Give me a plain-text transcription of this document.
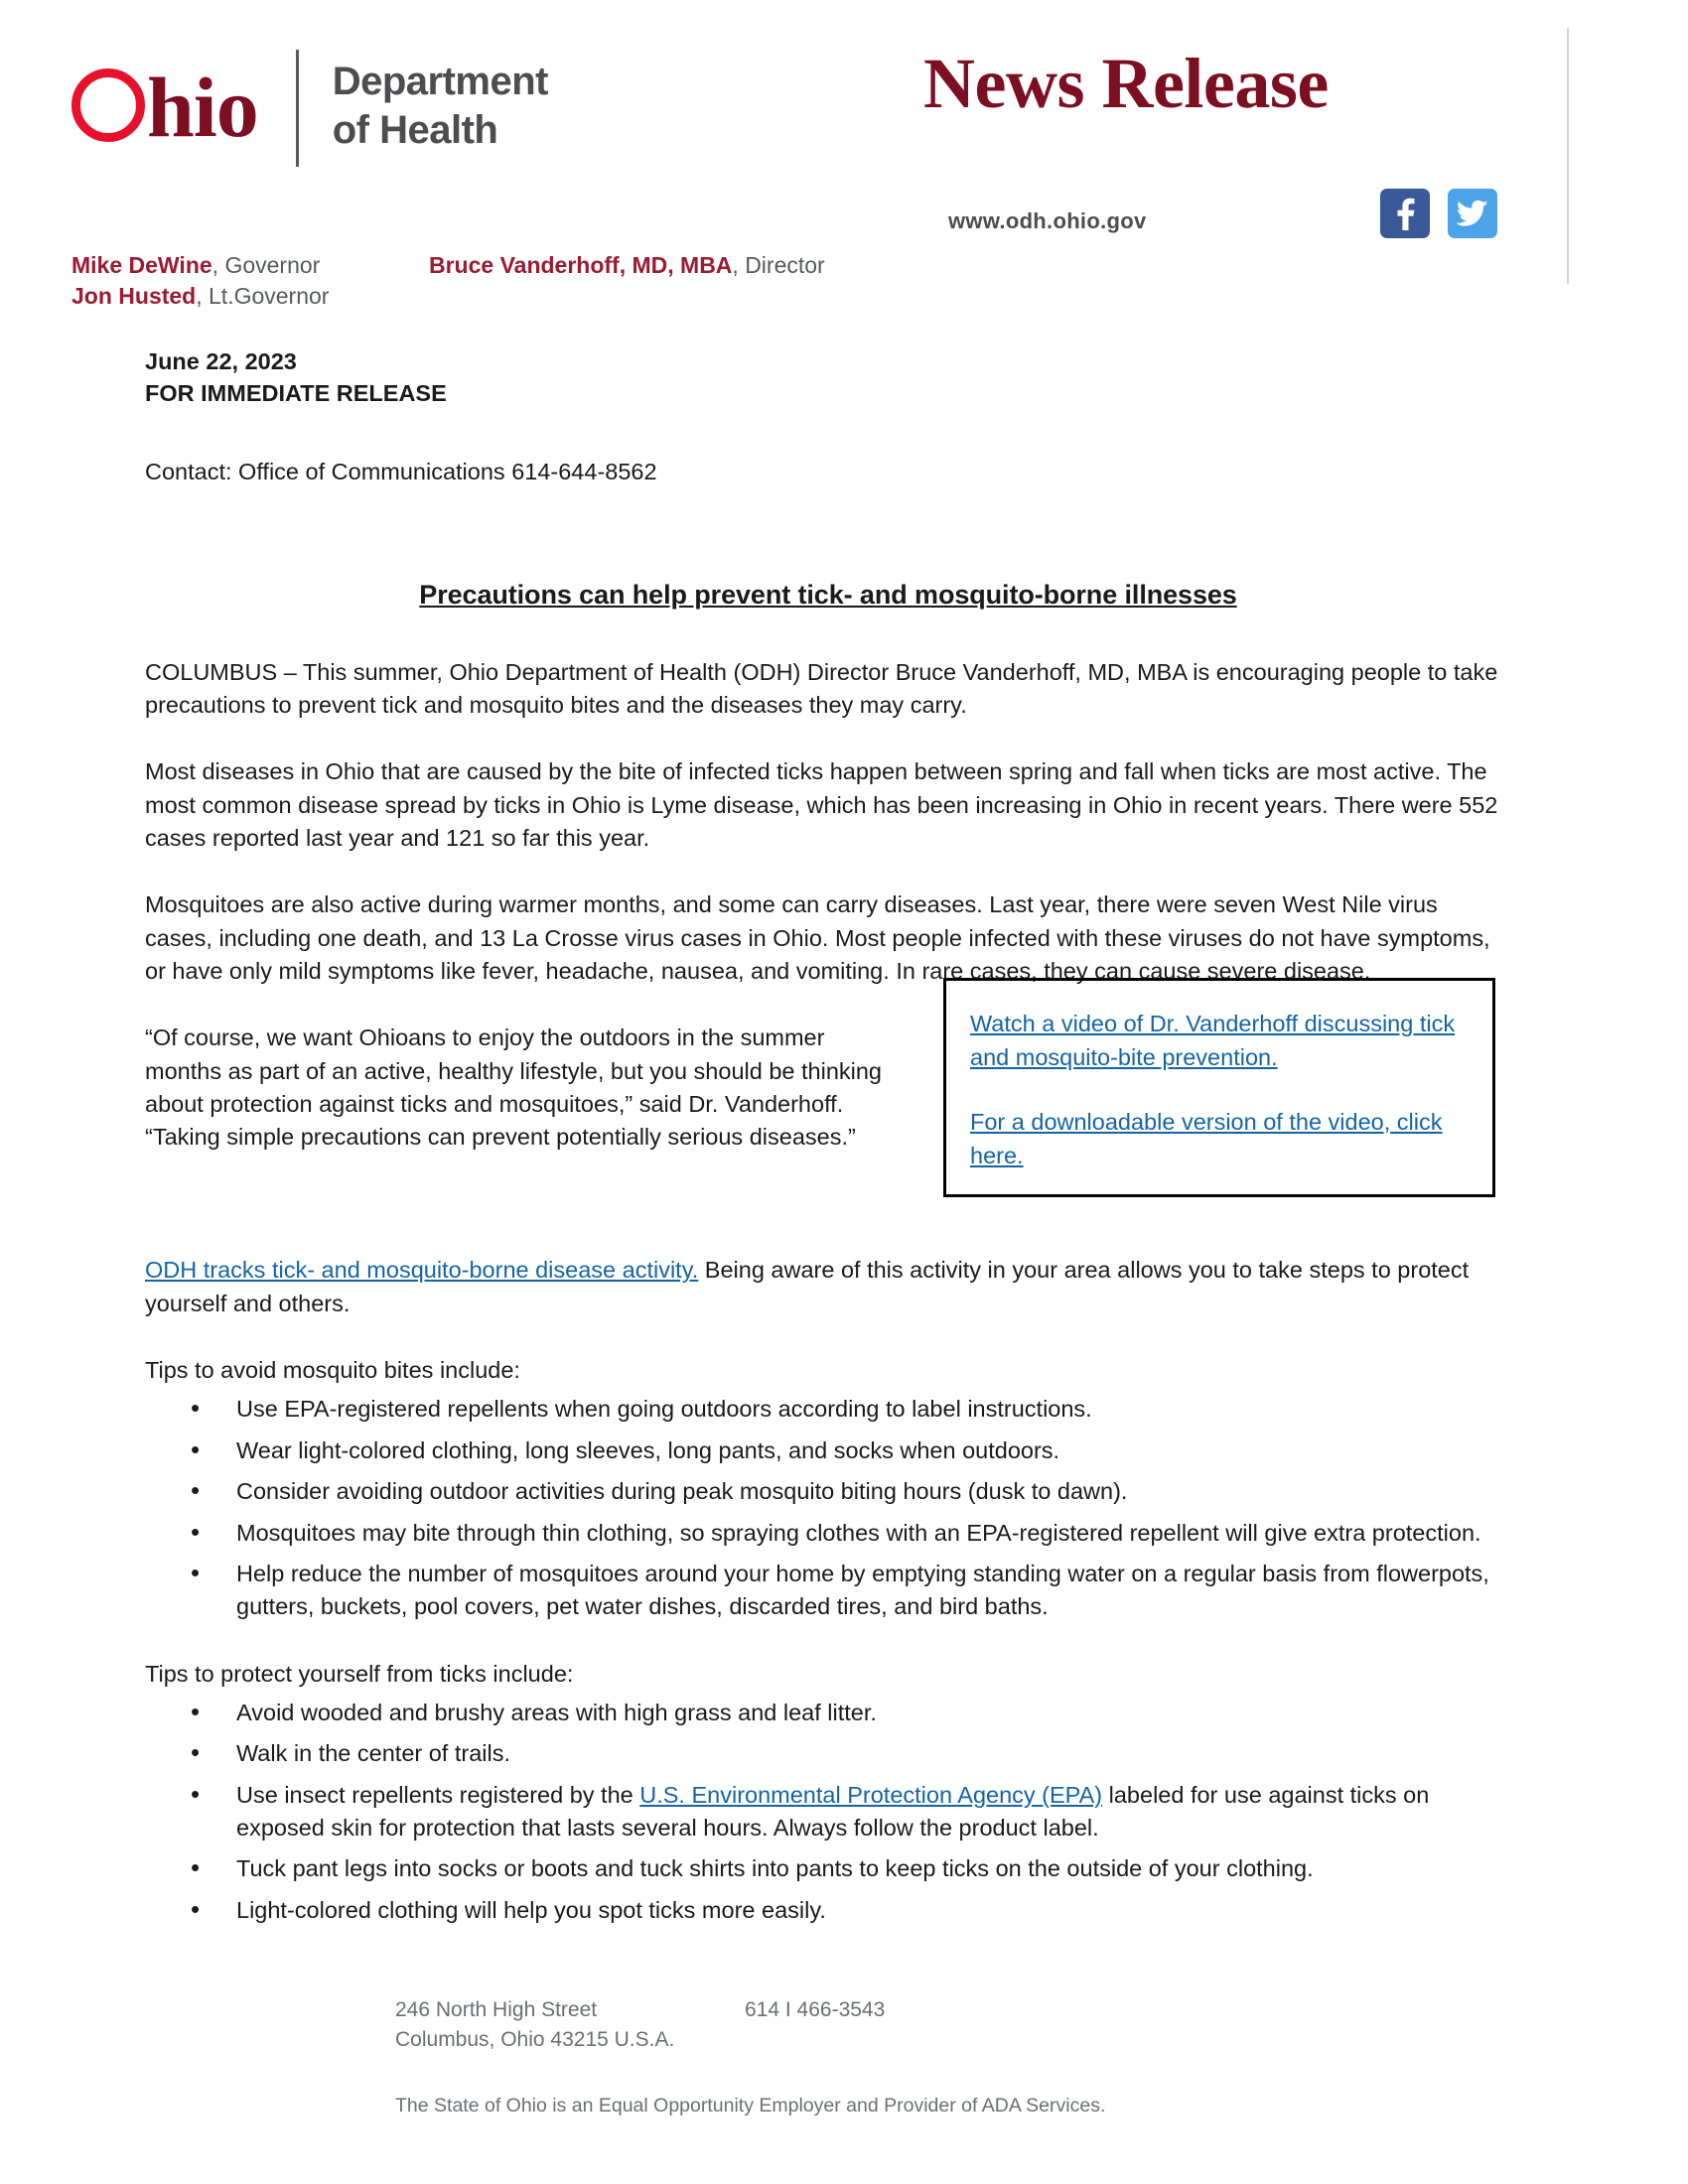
hio Department
of Health
News Release
www.odh.ohio.gov
Mike DeWine, Governor
Jon Husted, Lt.Governor

Bruce Vanderhoff, MD, MBA, Director
June 22, 2023
FOR IMMEDIATE RELEASE
Contact: Office of Communications 614-644-8562
Precautions can help prevent tick- and mosquito-borne illnesses

COLUMBUS – This summer, Ohio Department of Health (ODH) Director Bruce Vanderhoff, MD, MBA is encouraging people to take precautions to prevent tick and mosquito bites and the diseases they may carry.

Most diseases in Ohio that are caused by the bite of infected ticks happen between spring and fall when ticks are most active. The most common disease spread by ticks in Ohio is Lyme disease, which has been increasing in Ohio in recent years. There were 552 cases reported last year and 121 so far this year.

Mosquitoes are also active during warmer months, and some can carry diseases. Last year, there were seven West Nile virus cases, including one death, and 13 La Crosse virus cases in Ohio. Most people infected with these viruses do not have symptoms, or have only mild symptoms like fever, headache, nausea, and vomiting. In rare cases, they can cause severe disease.

“Of course, we want Ohioans to enjoy the outdoors in the summer months as part of an active, healthy lifestyle, but you should be thinking about protection against ticks and mosquitoes,” said Dr. Vanderhoff. “Taking simple precautions can prevent potentially serious diseases.”

Watch a video of Dr. Vanderhoff discussing tick and mosquito-bite prevention.

For a downloadable version of the video, click here.

ODH tracks tick- and mosquito-borne disease activity. Being aware of this activity in your area allows you to take steps to protect yourself and others.

Tips to avoid mosquito bites include:

• Use EPA-registered repellents when going outdoors according to label instructions.
• Wear light-colored clothing, long sleeves, long pants, and socks when outdoors.
• Consider avoiding outdoor activities during peak mosquito biting hours (dusk to dawn).
• Mosquitoes may bite through thin clothing, so spraying clothes with an EPA-registered repellent will give extra protection.
• Help reduce the number of mosquitoes around your home by emptying standing water on a regular basis from flowerpots, gutters, buckets, pool covers, pet water dishes, discarded tires, and bird baths.

Tips to protect yourself from ticks include:

• Avoid wooded and brushy areas with high grass and leaf litter.
• Walk in the center of trails.
• Use insect repellents registered by the U.S. Environmental Protection Agency (EPA) labeled for use against ticks on exposed skin for protection that lasts several hours. Always follow the product label.
• Tuck pant legs into socks or boots and tuck shirts into pants to keep ticks on the outside of your clothing.
• Light-colored clothing will help you spot ticks more easily.
246 North High Street
Columbus, Ohio 43215 U.S.A.
614 I 466-3543
The State of Ohio is an Equal Opportunity Employer and Provider of ADA Services.
